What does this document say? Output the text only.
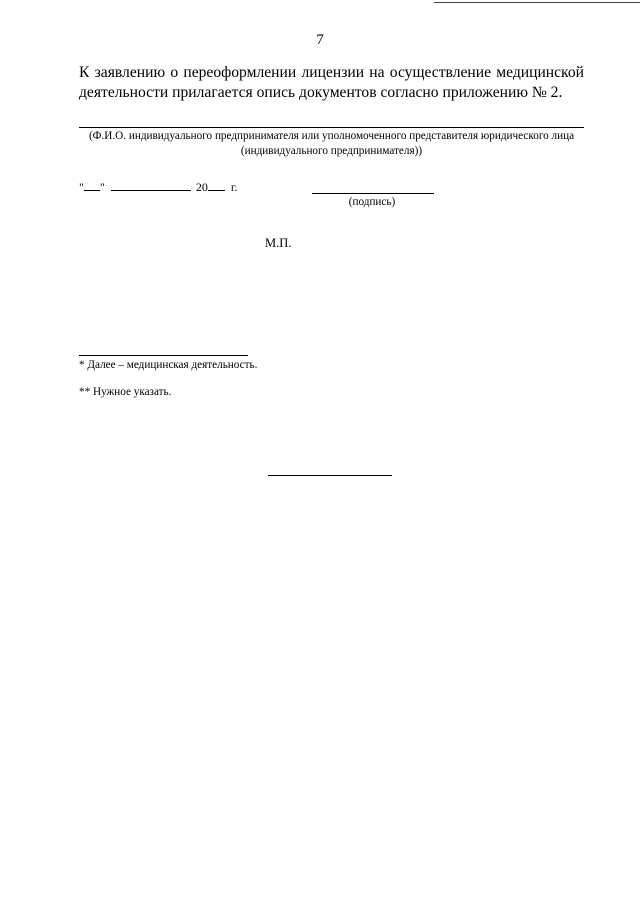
7
К заявлению о переоформлении лицензии на осуществление медицинской деятельности прилагается опись документов согласно приложению № 2.
(Ф.И.О. индивидуального предпринимателя или уполномоченного представителя юридического лица (индивидуального предпринимателя))
" "	20 г.
(подпись)
М.П.
* Далее – медицинская деятельность.
** Нужное указать.
